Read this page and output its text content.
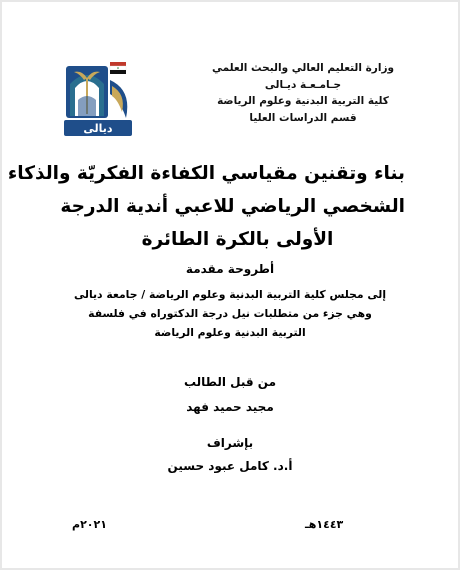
وزارة التعليم العالي والبحث العلمي
جـامـعـة ديـالى
كلية التربية البدنية وعلوم الرياضة
قسم الدراسات العليا
ديالى
بناء وتقنين مقياسي الكفاءة الفكريّة والذكاء
الشخصي الرياضي للاعبي أندية الدرجة
الأولى بالكرة الطائرة
أطروحة مقدمة
إلى مجلس كلية التربية البدنية وعلوم الرياضة / جامعة ديالى
وهي جزء من متطلبات نيل درجة الدكتوراه في فلسفة
التربية البدنية وعلوم الرياضة
من قبل الطالب
مجيد حميد فهد
بإشراف
أ.د. كامل عبود حسين
١٤٤٣هـ
٢٠٢١م
